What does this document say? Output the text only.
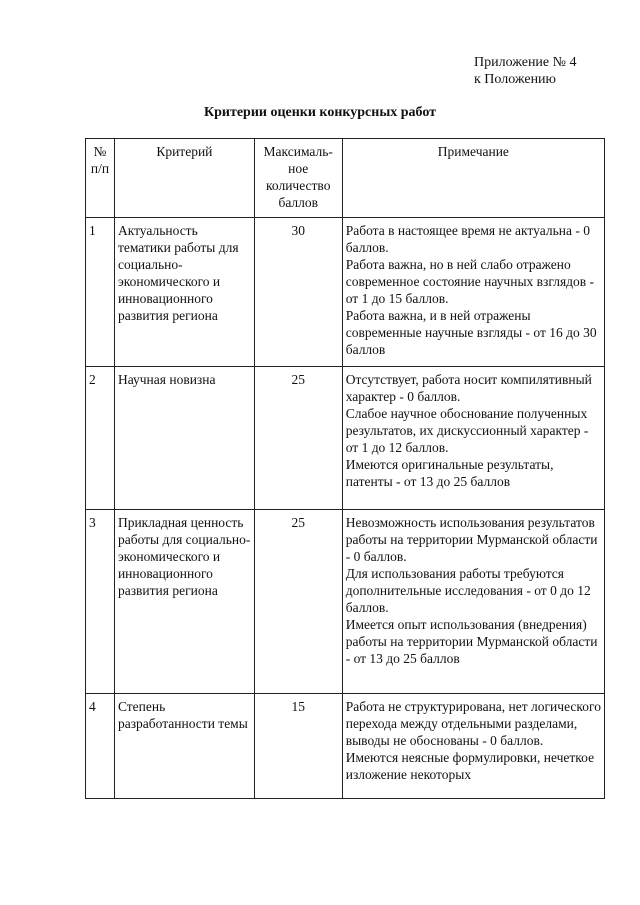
Приложение № 4
к Положению
Критерии оценки конкурсных работ
№ п/п	Критерий	Максималь-ное количество баллов	Примечание
1	Актуальность тематики работы для социально-экономического и инновационного развития региона	30	Работа в настоящее время не актуальна - 0 баллов.
Работа важна, но в ней слабо отражено современное состояние научных взглядов - от 1 до 15 баллов.
Работа важна, и в ней отражены современные научные взгляды - от 16 до 30 баллов
2	Научная новизна	25	Отсутствует, работа носит компилятивный характер - 0 баллов.
Слабое научное обоснование полученных результатов, их дискуссионный характер - от 1 до 12 баллов.
Имеются оригинальные результаты, патенты - от 13 до 25 баллов
3	Прикладная ценность работы для социально-экономического и инновационного развития региона	25	Невозможность использования результатов работы на территории Мурманской области - 0 баллов.
Для использования работы требуются дополнительные исследования - от 0 до 12 баллов.
Имеется опыт использования (внедрения) работы на территории Мурманской области - от 13 до 25 баллов
4	Степень разработанности темы	15	Работа не структурирована, нет логического перехода между отдельными разделами, выводы не обоснованы - 0 баллов.
Имеются неясные формулировки, нечеткое изложение некоторых
